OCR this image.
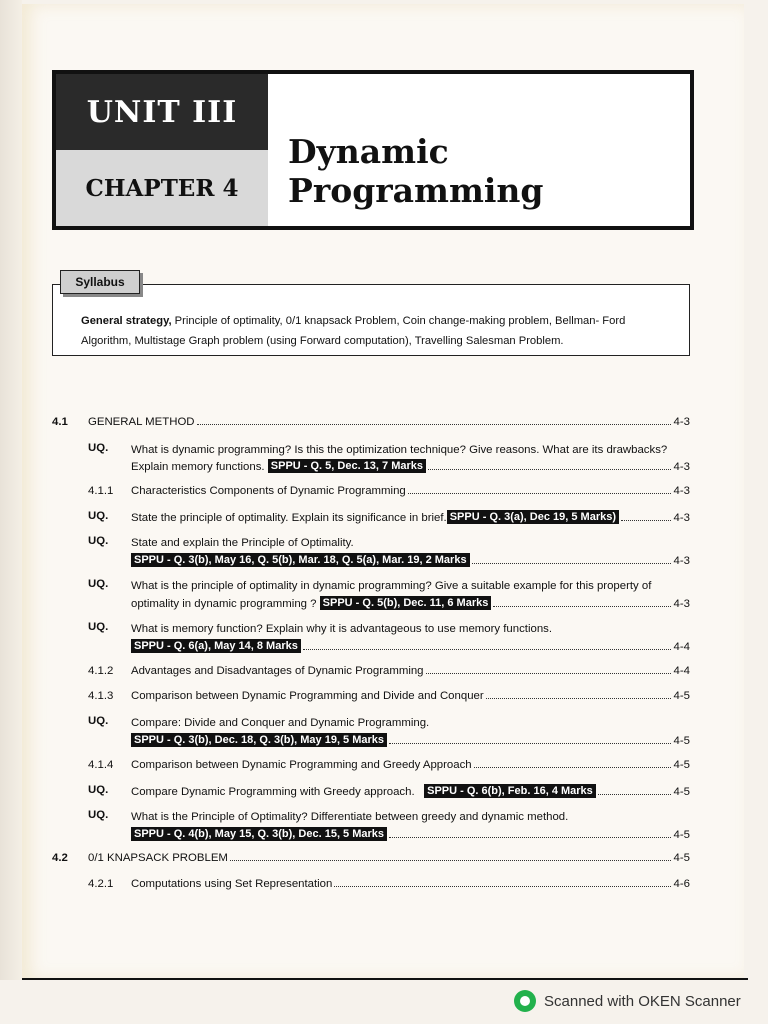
UNIT III
CHAPTER 4
Dynamic Programming
Syllabus
General strategy, Principle of optimality, 0/1 knapsack Problem, Coin change-making problem, Bellman- Ford
Algorithm, Multistage Graph problem (using Forward computation), Travelling Salesman Problem.
4.1 GENERAL METHOD	4-3
UQ. What is dynamic programming? Is this the optimization technique? Give reasons. What are its drawbacks?
Explain memory functions.
SPPU - Q. 5, Dec. 13, 7 Marks	4-3
4.1.1 Characteristics Components of Dynamic Programming	4-3
UQ. State the principle of optimality. Explain its significance in brief. SPPU - Q. 3(a), Dec 19, 5 Marks)	4-3
UQ. State and explain the Principle of Optimality.
SPPU - Q. 3(b), May 16, Q. 5(b), Mar. 18, Q. 5(a), Mar. 19, 2 Marks	4-3
UQ. What is the principle of optimality in dynamic programming? Give a suitable example for this property of
optimality in dynamic programming ?
SPPU - Q. 5(b), Dec. 11, 6 Marks	4-3
UQ. What is memory function? Explain why it is advantageous to use memory functions.
SPPU - Q. 6(a), May 14, 8 Marks	4-4
4.1.2 Advantages and Disadvantages of Dynamic Programming	4-4
4.1.3 Comparison between Dynamic Programming and Divide and Conquer	4-5
UQ. Compare: Divide and Conquer and Dynamic Programming.
SPPU - Q. 3(b), Dec. 18, Q. 3(b), May 19, 5 Marks	4-5
4.1.4 Comparison between Dynamic Programming and Greedy Approach	4-5
UQ. Compare Dynamic Programming with Greedy approach.
SPPU - Q. 6(b), Feb. 16, 4 Marks	4-5
UQ. What is the Principle of Optimality? Differentiate between greedy and dynamic method.
SPPU - Q. 4(b), May 15, Q. 3(b), Dec. 15, 5 Marks	4-5
4.2 0/1 KNAPSACK PROBLEM	4-5
4.2.1 Computations using Set Representation	4-6
Scanned with OKEN Scanner
